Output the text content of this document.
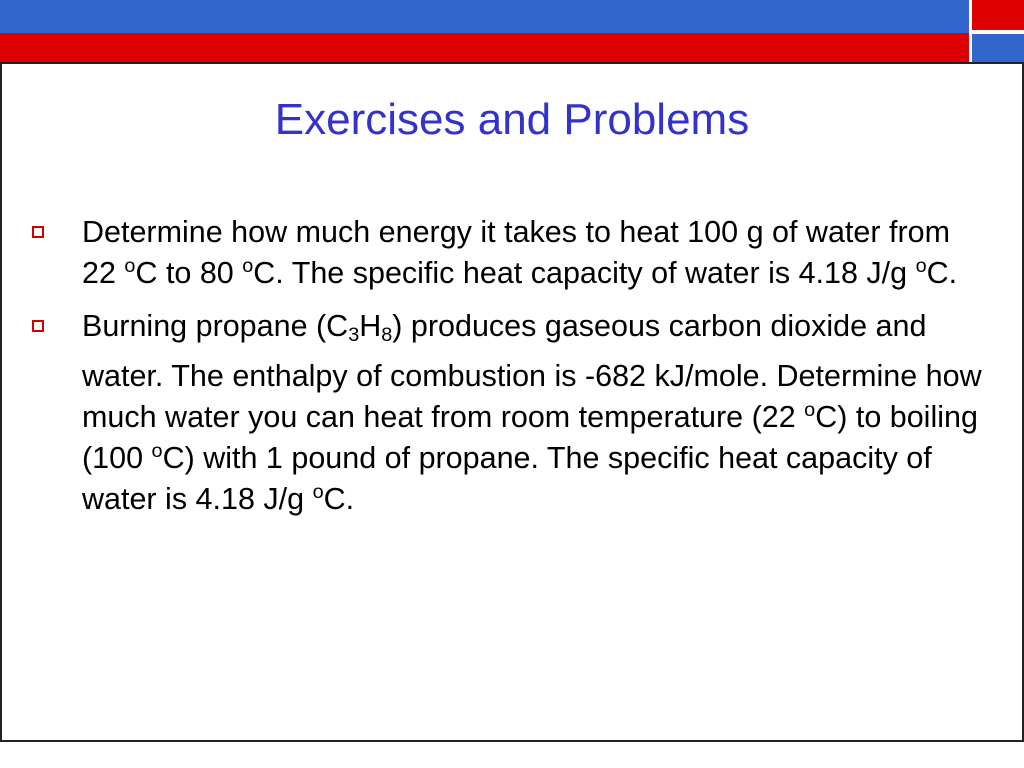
Exercises and Problems
Determine how much energy it takes to heat 100 g of water from 22 $^o$C to 80 $^o$C. The specific heat capacity of water is 4.18 J/g $^o$C.
Burning propane $(C_3H_8)$ produces gaseous carbon dioxide and water. The enthalpy of combustion is -682 kJ/mole. Determine how much water you can heat from room temperature (22 $^o$C) to boiling (100 $^o$C) with 1 pound of propane. The specific heat capacity of water is 4.18 J/g $^o$C.
